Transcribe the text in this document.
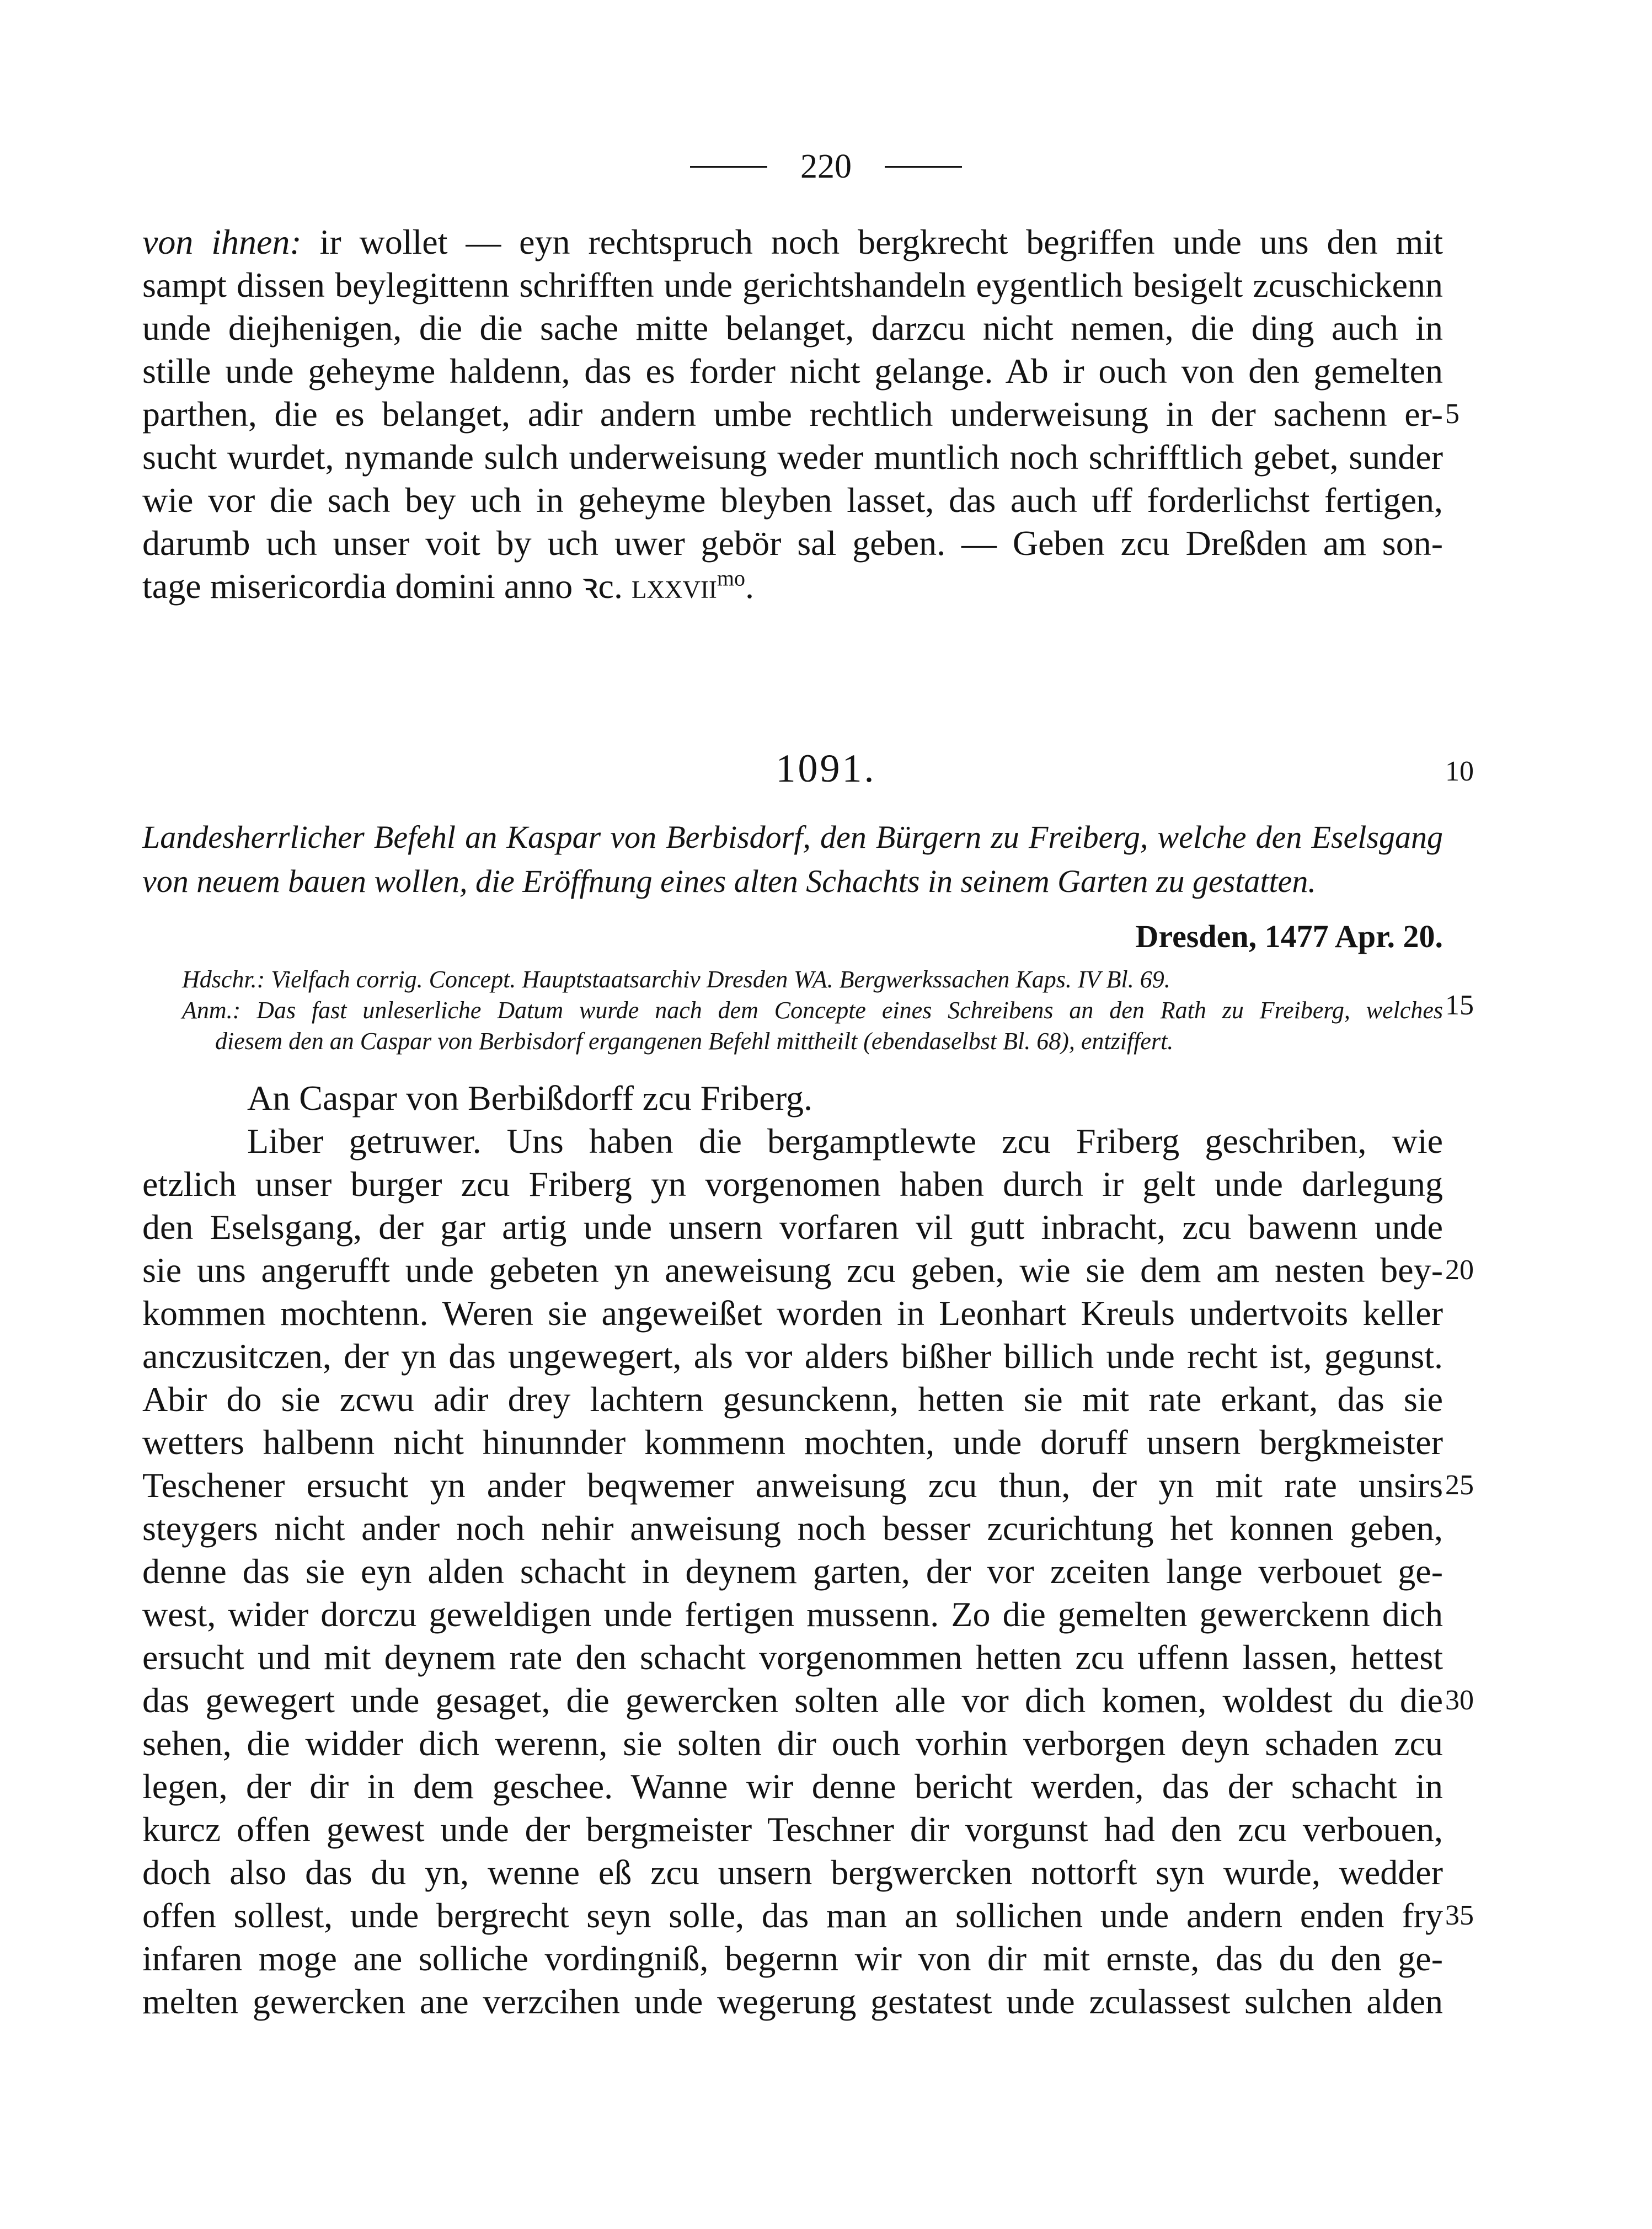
220
von ihnen: ir wollet — eyn rechtspruch noch bergkrecht begriffen unde uns den mit
sampt dissen beylegittenn schrifften unde gerichtshandeln eygentlich besigelt zcuschickenn
unde diejhenigen, die die sache mitte belanget, darzcu nicht nemen, die ding auch in
stille unde geheyme haldenn, das es forder nicht gelange. Ab ir ouch von den gemelten
parthen, die es belanget, adir andern umbe rechtlich underweisung in der sachenn er-
sucht wurdet, nymande sulch underweisung weder muntlich noch schrifftlich gebet, sunder
wie vor die sach bey uch in geheyme bleyben lasset, das auch uff forderlichst fertigen,
darumb uch unser voit by uch uwer gebör sal geben. — Geben zcu Dreßden am son-
tage misericordia domini anno ꝛc. lxxvii$^{mo}$.
5
1091.	10
Landesherrlicher Befehl an Kaspar von Berbisdorf, den Bürgern zu Freiberg, welche den Eselsgang
von neuem bauen wollen, die Eröffnung eines alten Schachts in seinem Garten zu gestatten.
Dresden, 1477 Apr. 20.
Hdschr.: Vielfach corrig. Concept. Hauptstaatsarchiv Dresden WA. Bergwerkssachen Kaps. IV Bl. 69.
Anm.: Das fast unleserliche Datum wurde nach dem Concepte eines Schreibens an den Rath zu Freiberg, welches
diesem den an Caspar von Berbisdorf ergangenen Befehl mittheilt (ebendaselbst Bl. 68), entziffert.
15
An Caspar von Berbißdorff zcu Friberg.
Liber getruwer. Uns haben die bergamptlewte zcu Friberg geschriben, wie
etzlich unser burger zcu Friberg yn vorgenomen haben durch ir gelt unde darlegung
den Eselsgang, der gar artig unde unsern vorfaren vil gutt inbracht, zcu bawenn unde
sie uns angerufft unde gebeten yn aneweisung zcu geben, wie sie dem am nesten bey-
kommen mochtenn. Weren sie angeweißet worden in Leonhart Kreuls undertvoits keller
anczusitczen, der yn das ungewegert, als vor alders bißher billich unde recht ist, gegunst.
Abir do sie zcwu adir drey lachtern gesunckenn, hetten sie mit rate erkant, das sie
wetters halbenn nicht hinunnder kommenn mochten, unde doruff unsern bergkmeister
Teschener ersucht yn ander beqwemer anweisung zcu thun, der yn mit rate unsirs
steygers nicht ander noch nehir anweisung noch besser zcurichtung het konnen geben,
denne das sie eyn alden schacht in deynem garten, der vor zceiten lange verbouet ge-
west, wider dorczu geweldigen unde fertigen mussenn. Zo die gemelten gewerckenn dich
ersucht und mit deynem rate den schacht vorgenommen hetten zcu uffenn lassen, hettest
das gewegert unde gesaget, die gewercken solten alle vor dich komen, woldest du die
sehen, die widder dich werenn, sie solten dir ouch vorhin verborgen deyn schaden zcu
legen, der dir in dem geschee. Wanne wir denne bericht werden, das der schacht in
kurcz offen gewest unde der bergmeister Teschner dir vorgunst had den zcu verbouen,
doch also das du yn, wenne eß zcu unsern bergwercken nottorft syn wurde, wedder
offen sollest, unde bergrecht seyn solle, das man an sollichen unde andern enden fry
infaren moge ane solliche vordingniß, begernn wir von dir mit ernste, das du den ge-
melten gewercken ane verzcihen unde wegerung gestatest unde zculassest sulchen alden
20
25
30
35
